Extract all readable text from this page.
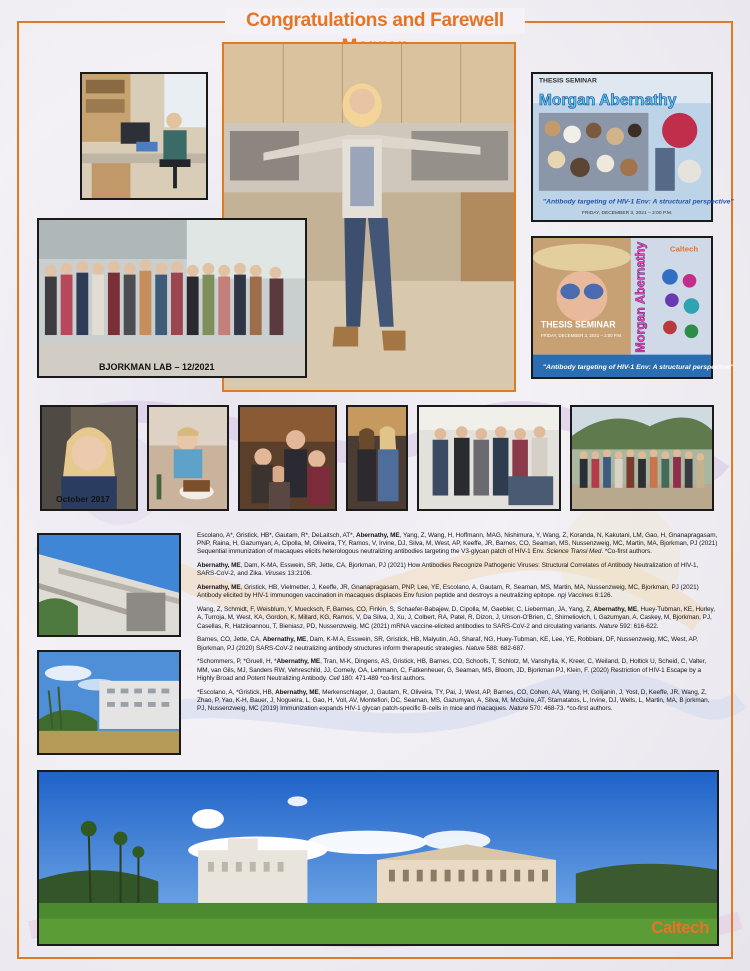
Congratulations and Farewell
THESIS SEMINAR
Morgan Abernathy
"Antibody targeting of HIV-1 Env: A structural perspective"
FRIDAY, DECEMBER 3, 2021 – 2:00 P.M.
BJORKMAN LAB – 12/2021
THESIS SEMINAR
FRIDAY, DECEMBER 3, 2021 – 2:00 P.M.
Caltech
Morgan Abernathy
"Antibody targeting of HIV-1 Env: A structural perspective"
October 2017

Escolano, A*, Gristick, HB*, Gautam, R*, DeLaitsch, AT*, Abernathy, ME, Yang, Z, Wang, H, Hoffmann, MAG, Nishimura, Y, Wang, Z, Koranda, N, Kakutani, LM, Gao, H, Gnanapragasam, PNP, Raina, H, Gazumyan, A, Cipolla, M, Oliveira, TY, Ramos, V, Irvine, DJ, Silva, M, West, AP, Keeffe, JR, Barnes, CO, Seaman, MS, Nussenzweig, MC, Martin, MA, Bjorkman, PJ (2021) Sequential immunization of macaques elicits heterologous neutralizing antibodies targeting the V3-glycan patch of HIV-1 Env. Science Transl Med. *Co-first authors.

Abernathy, ME, Dam, K-MA, Esswein, SR, Jette, CA, Bjorkman, PJ (2021) How Antibodies Recognize Pathogenic Viruses: Structural Correlates of Antibody Neutralization of HIV-1, SARS-CoV-2, and Zika. Viruses 13:2106.

Abernathy, ME, Gristick, HB, Vielmetter, J, Keeffe, JR, Gnanapragasam, PNP, Lee, YE, Escolano, A, Gautam, R, Seaman, MS, Martin, MA, Nussenzweig, MC, Bjorkman, PJ (2021) Antibody elicited by HIV-1 immunogen vaccination in macaques displaces Env fusion peptide and destroys a neutralizing epitope. npj Vaccines 6:126.

Wang, Z, Schmidt, F, Weisblum, Y, Muecksch, F, Barnes, CO, Finkin, S, Schaefer-Babajew, D, Cipolla, M, Gaebler, C, Lieberman, JA, Yang, Z, Abernathy, ME, Huey-Tubman, KE, Hurley, A, Turroja, M, West, KA, Gordon, K, Millard, KG, Ramos, V, Da Silva, J, Xu, J, Colbert, RA, Patel, R, Dizon, J, Unson-O'Brien, C, Shimeliovich, I, Gazumyan, A, Caskey, M, Bjorkman, PJ, Casellas, R, Hatziioannou, T, Bieniasz, PD, Nussenzweig, MC (2021) mRNA vaccine-elicited antibodies to SARS-CoV-2 and circulating variants. Nature 592: 616-622.

Barnes, CO, Jette, CA, Abernathy, ME, Dam, K-M A, Esswein, SR, Gristick, HB, Malyutin, AG, Sharaf, NG, Huey-Tubman, KE, Lee, YE, Robbiani, DF, Nussenzweig, MC, West, AP, Bjorkman, PJ (2020) SARS-CoV-2 neutralizing antibody structures inform therapeutic strategies. Nature 588: 682-687.

*Schommers, P, *Gruell, H, *Abernathy, ME, Tran, M-K, Dingens, AS, Gristick, HB, Barnes, CO, Schoofs, T, Schlotz, M, Vanshylla, K, Kreer, C, Weiland, D, Holtick U, Scheid, C, Valter, MM, van Gils, MJ, Sanders RW, Vehreschild, JJ, Cornely, OA, Lehmann, C, Fatkenheuer, G, Seaman, MS, Bloom, JD, Bjorkman PJ, Klein, F. (2020) Restriction of HIV-1 Escape by a Highly Broad and Potent Neutralizing Antibody. Cell 180: 471-489 *co-first authors.

*Escolano, A, *Gristick, HB, Abernathy, ME, Merkenschlager, J, Gautam, R, Oliveira, TY, Pai, J, West, AP, Barnes, CO, Cohen, AA, Wang, H, Golijanin, J, Yost, D, Keeffe, JR, Wang, Z, Zhao, P, Yao, K-H, Bauer, J, Nogueira, L, Gao, H, Voll, AV, Montefiori, DC, Seaman, MS, Gazumyan, A, Silva, M, McGuire, AT, Stamatatos, L, Irvine, DJ, Wells, L, Martin, MA, B jorkman, PJ, Nussenzweig, MC (2019) Immunization expands HIV-1 glycan patch-specific B-cells in mice and macaques. Nature 570: 468-73. *co-first authors.

Caltech
